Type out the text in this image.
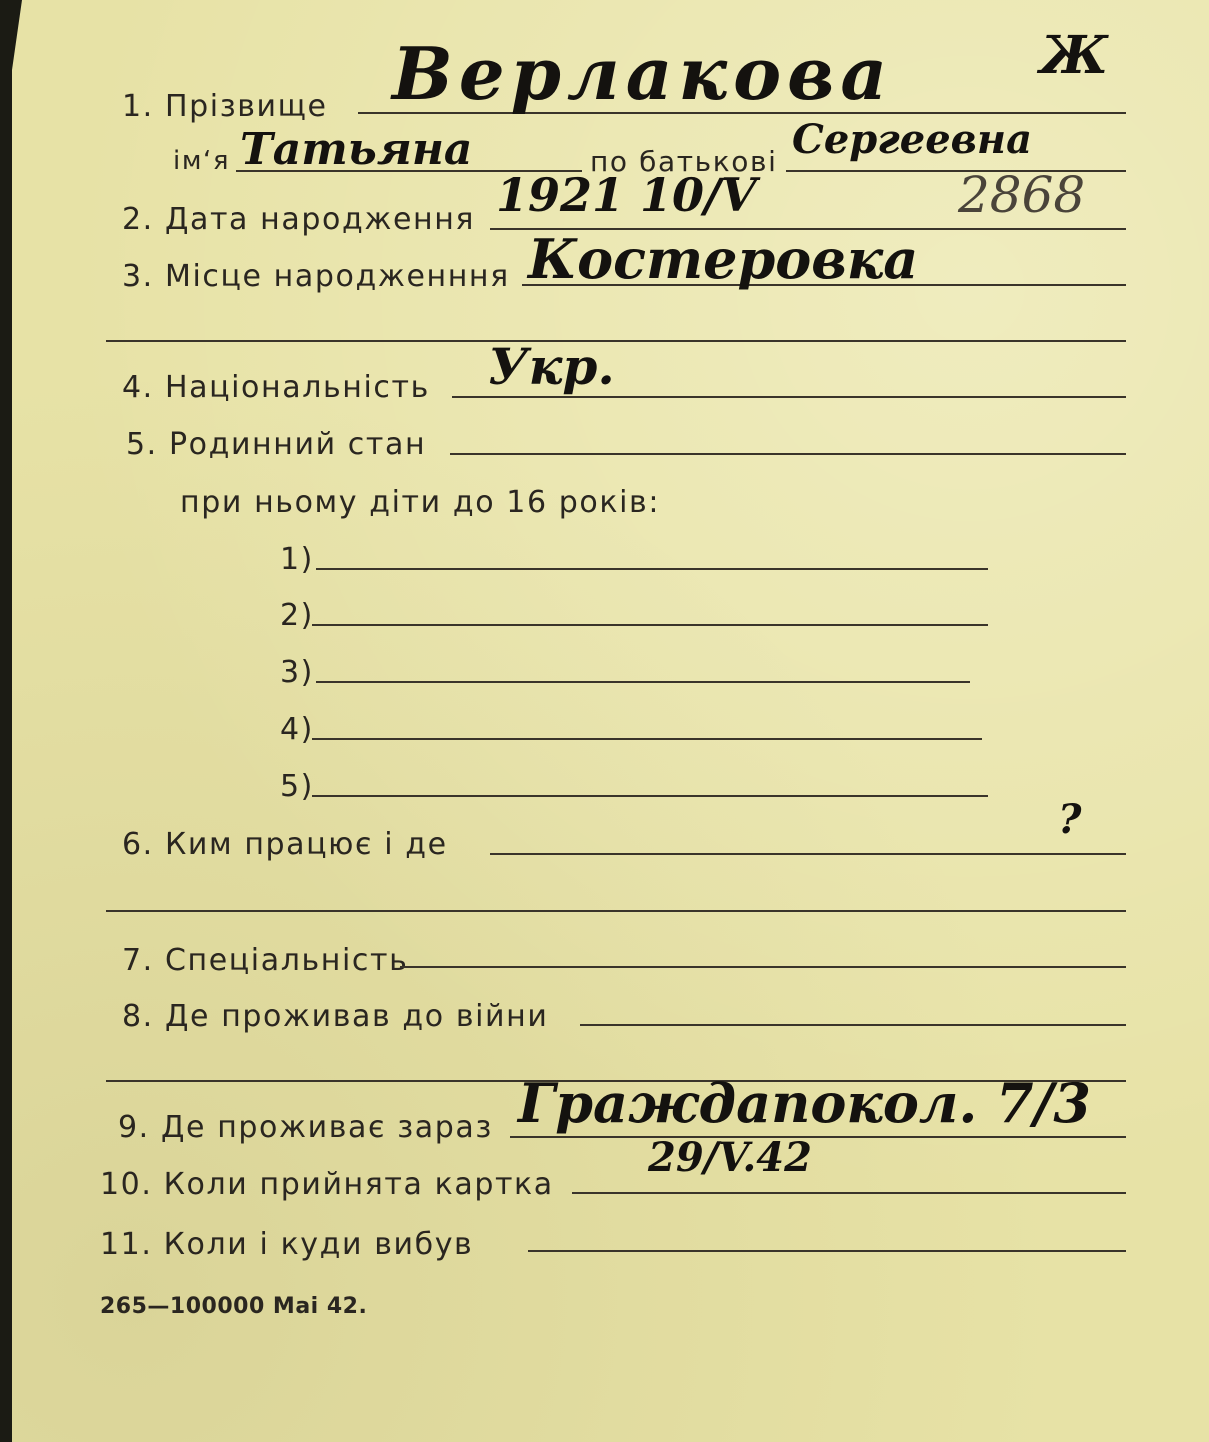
Ж
1. Прізвище Верлакова
ім‘я Татьяна	по батькові Сергеевна
2. Дата народження 1921 10/V	2868
3. Місце народженння Костеровка
4. Національність Укр.
5. Родинний стан
при ньому діти до 16 років:
1)
2)
3)
4)
5)
6. Ким працює і де
?
7. Спеціальність
8. Де проживав до війни
9. Де проживає зараз Граждапокол. 7/3
10. Коли прийнята картка
29/V.42
11. Коли і куди вибув
265—100000 Mai 42.
